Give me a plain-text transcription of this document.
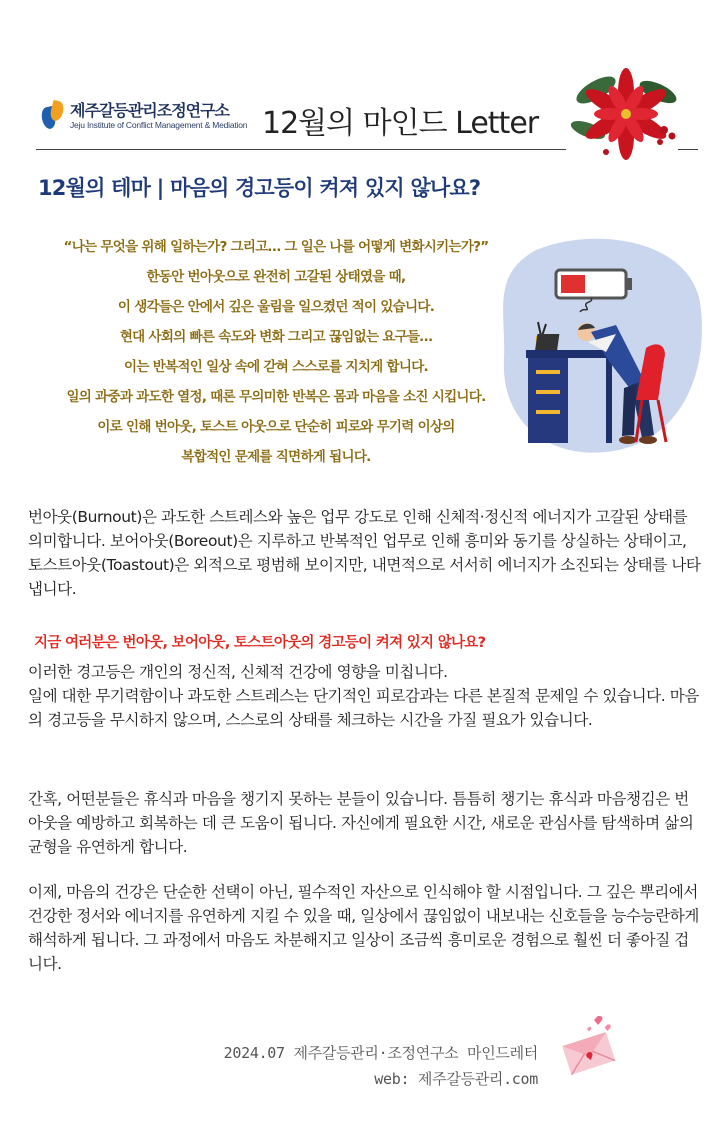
제주갈등관리조정연구소
Jeju Institute of Conflict Management & Mediation 12월의 마인드 Letter
12월의 테마 | 마음의 경고등이 켜져 있지 않나요?
“나는 무엇을 위해 일하는가? 그리고… 그 일은 나를 어떻게 변화시키는가?”
한동안 번아웃으로 완전히 고갈된 상태였을 때,
이 생각들은 안에서 깊은 울림을 일으켰던 적이 있습니다.
현대 사회의 빠른 속도와 변화 그리고 끊임없는 요구들…
이는 반복적인 일상 속에 갇혀 스스로를 지치게 합니다.
일의 과중과 과도한 열정, 때론 무의미한 반복은 몸과 마음을 소진 시킵니다.
이로 인해 번아웃, 토스트 아웃으로 단순히 피로와 무기력 이상의
복합적인 문제를 직면하게 됩니다.
번아웃(Burnout)은 과도한 스트레스와 높은 업무 강도로 인해 신체적·정신적 에너지가 고갈된 상태를 의미합니다. 보어아웃(Boreout)은 지루하고 반복적인 업무로 인해 흥미와 동기를 상실하는 상태이고, 토스트아웃(Toastout)은 외적으로 평범해 보이지만, 내면적으로 서서히 에너지가 소진되는 상태를 나타냅니다.
지금 여러분은 번아웃, 보어아웃, 토스트아웃의 경고등이 켜져 있지 않나요?
이러한 경고등은 개인의 정신적, 신체적 건강에 영향을 미칩니다.
일에 대한 무기력함이나 과도한 스트레스는 단기적인 피로감과는 다른 본질적 문제일 수 있습니다. 마음의 경고등을 무시하지 않으며, 스스로의 상태를 체크하는 시간을 가질 필요가 있습니다.
간혹, 어떤분들은 휴식과 마음을 챙기지 못하는 분들이 있습니다. 틈틈히 챙기는 휴식과 마음챙김은 번아웃을 예방하고 회복하는 데 큰 도움이 됩니다. 자신에게 필요한 시간, 새로운 관심사를 탐색하며 삶의 균형을 유연하게 합니다.
이제, 마음의 건강은 단순한 선택이 아닌, 필수적인 자산으로 인식해야 할 시점입니다. 그 깊은 뿌리에서 건강한 정서와 에너지를 유연하게 지킬 수 있을 때, 일상에서 끊임없이 내보내는 신호들을 능수능란하게 해석하게 됩니다. 그 과정에서 마음도 차분해지고 일상이 조금씩 흥미로운 경험으로 훨씬 더 좋아질 겁니다.
2024.07 제주갈등관리·조정연구소 마인드레터
web: 제주갈등관리.com
